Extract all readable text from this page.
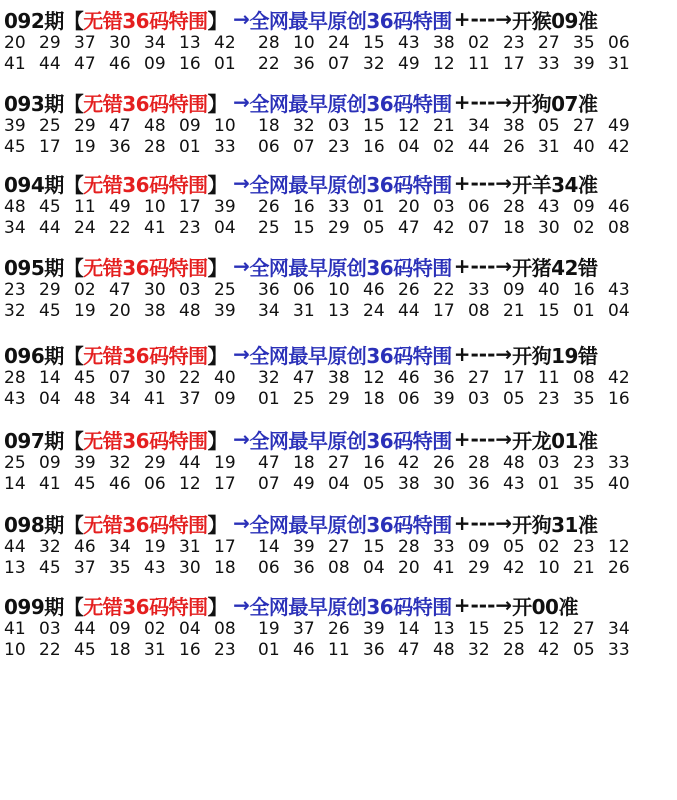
092期 【 无错36码特围 】 → 全网最早原创36码特围 +---→ 开猴09准
20 29 37 30 34 13 42	28 10 24 15 43 38 02 23 27 35 06
41 44 47 46 09 16 01	22 36 07 32 49 12 11 17 33 39 31
093期 【 无错36码特围 】 → 全网最早原创36码特围 +---→ 开狗07准
39 25 29 47 48 09 10	18 32 03 15 12 21 34 38 05 27 49
45 17 19 36 28 01 33	06 07 23 16 04 02 44 26 31 40 42
094期 【 无错36码特围 】 → 全网最早原创36码特围 +---→ 开羊34准
48 45 11 49 10 17 39	26 16 33 01 20 03 06 28 43 09 46
34 44 24 22 41 23 04	25 15 29 05 47 42 07 18 30 02 08
095期 【 无错36码特围 】 → 全网最早原创36码特围 +---→ 开猪42错
23 29 02 47 30 03 25	36 06 10 46 26 22 33 09 40 16 43
32 45 19 20 38 48 39	34 31 13 24 44 17 08 21 15 01 04
096期 【 无错36码特围 】 → 全网最早原创36码特围 +---→ 开狗19错
28 14 45 07 30 22 40	32 47 38 12 46 36 27 17 11 08 42
43 04 48 34 41 37 09	01 25 29 18 06 39 03 05 23 35 16
097期 【 无错36码特围 】 → 全网最早原创36码特围 +---→ 开龙01准
25 09 39 32 29 44 19	47 18 27 16 42 26 28 48 03 23 33
14 41 45 46 06 12 17	07 49 04 05 38 30 36 43 01 35 40
098期 【 无错36码特围 】 → 全网最早原创36码特围 +---→ 开狗31准
44 32 46 34 19 31 17	14 39 27 15 28 33 09 05 02 23 12
13 45 37 35 43 30 18	06 36 08 04 20 41 29 42 10 21 26
099期 【 无错36码特围 】 → 全网最早原创36码特围 +---→ 开00准
41 03 44 09 02 04 08	19 37 26 39 14 13 15 25 12 27 34
10 22 45 18 31 16 23	01 46 11 36 47 48 32 28 42 05 33
